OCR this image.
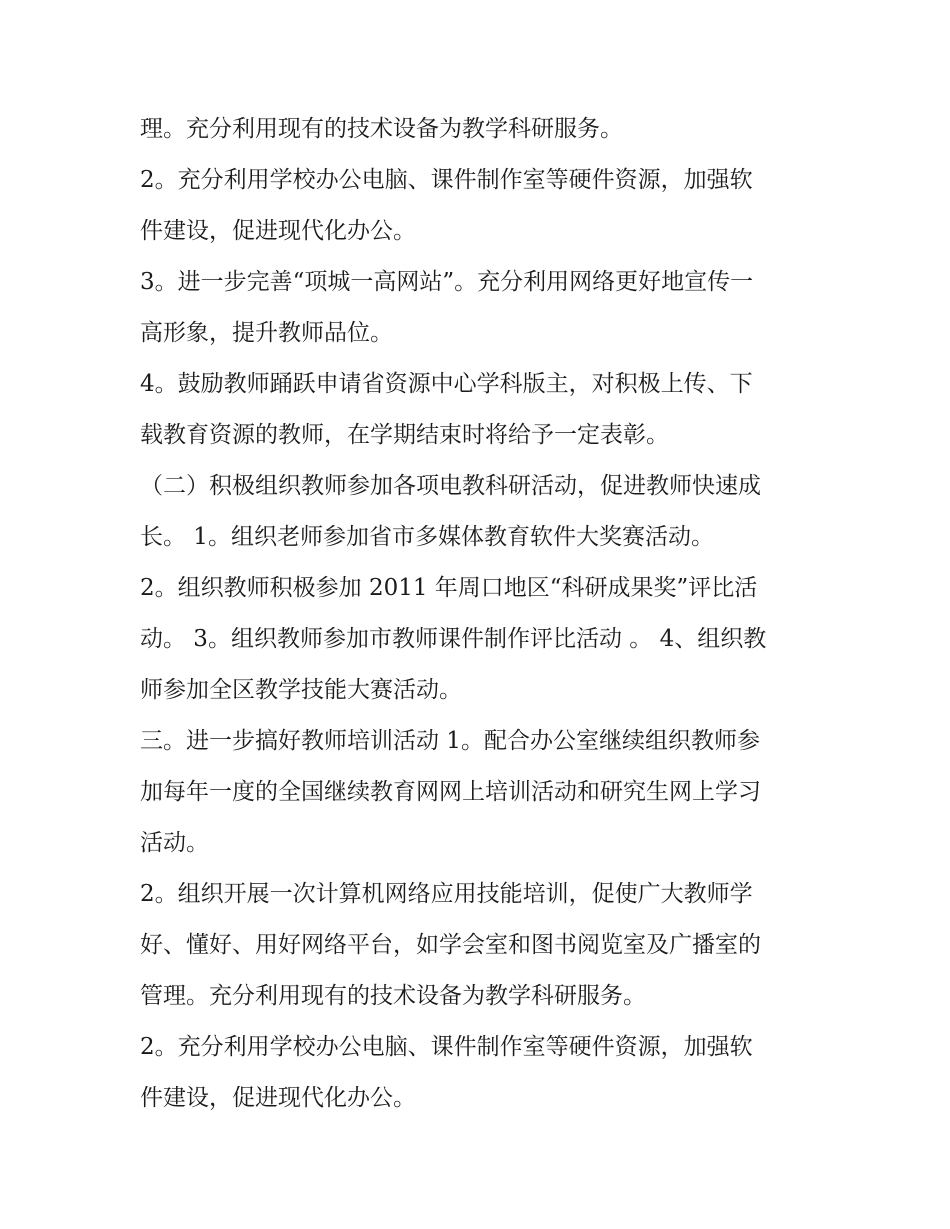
理。充分利用现有的技术设备为教学科研服务。
2。充分利用学校办公电脑、课件制作室等硬件资源，加强软
件建设，促进现代化办公。
3。进一步完善“项城一高网站”。充分利用网络更好地宣传一
高形象，提升教师品位。
4。鼓励教师踊跃申请省资源中心学科版主，对积极上传、下
载教育资源的教师，在学期结束时将给予一定表彰。
（二）积极组织教师参加各项电教科研活动，促进教师快速成
长。 1。组织老师参加省市多媒体教育软件大奖赛活动。
2。组织教师积极参加 2011 年周口地区“科研成果奖”评比活
动。 3。组织教师参加市教师课件制作评比活动 。 4、组织教
师参加全区教学技能大赛活动。
三。进一步搞好教师培训活动 1。配合办公室继续组织教师参
加每年一度的全国继续教育网网上培训活动和研究生网上学习
活动。
2。组织开展一次计算机网络应用技能培训，促使广大教师学
好、懂好、用好网络平台，如学会室和图书阅览室及广播室的
管理。充分利用现有的技术设备为教学科研服务。
2。充分利用学校办公电脑、课件制作室等硬件资源，加强软
件建设，促进现代化办公。
